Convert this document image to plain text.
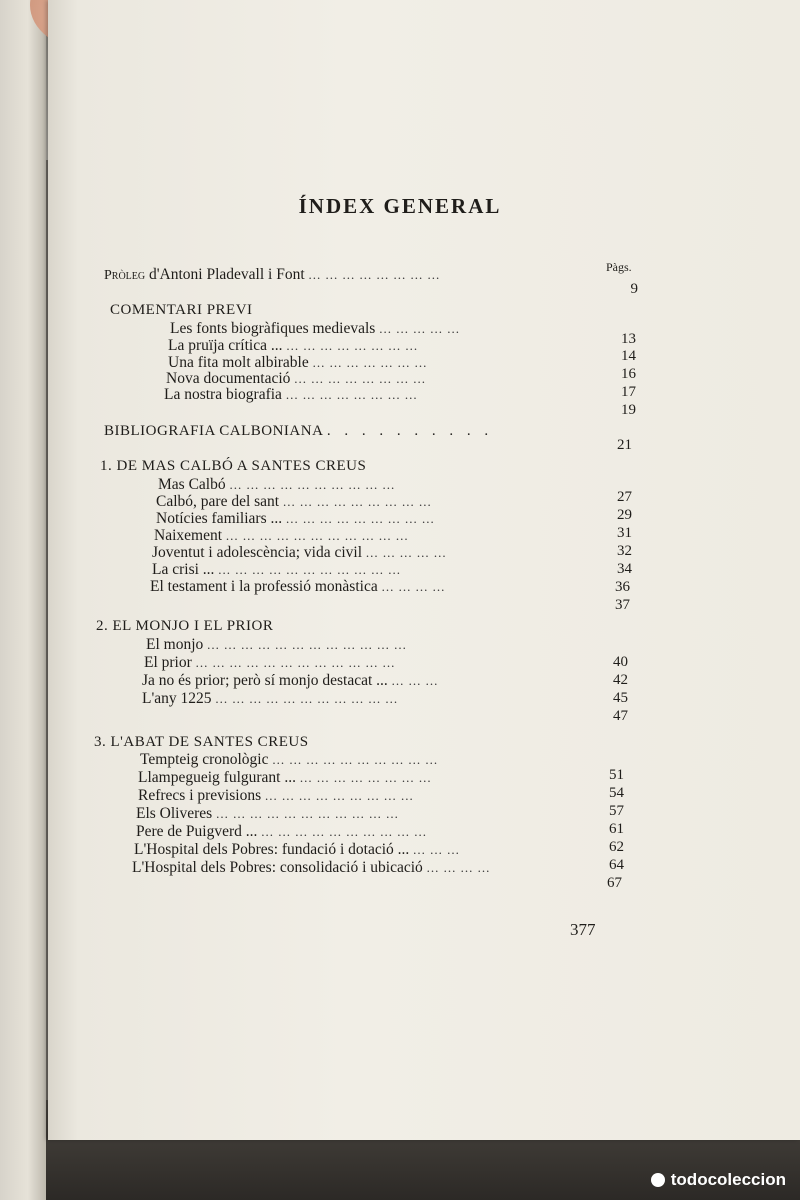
ÍNDEX GENERAL
Pàgs.
Pròleg d'Antoni Pladevall i Font ... ... ... ... ... ... ... ...
COMENTARI PREVI
BIBLIOGRAFIA CALBONIANA . . . . . . . . . .
1. DE MAS CALBÓ A SANTES CREUS
2. EL MONJO I EL PRIOR
3. L'ABAT DE SANTES CREUS
Les fonts biogràfiques medievals ... ... ... ... ...
La pruïja crítica ... ... ... ... ... ... ... ... ...
Una fita molt albirable ... ... ... ... ... ... ...
Nova documentació ... ... ... ... ... ... ... ...
La nostra biografia ... ... ... ... ... ... ... ...
Mas Calbó ... ... ... ... ... ... ... ... ... ...
Calbó, pare del sant ... ... ... ... ... ... ... ... ...
Notícies familiars ... ... ... ... ... ... ... ... ... ...
Naixement ... ... ... ... ... ... ... ... ... ... ...
Joventut i adolescència; vida civil ... ... ... ... ...
La crisi ... ... ... ... ... ... ... ... ... ... ... ...
El testament i la professió monàstica ... ... ... ...
El monjo ... ... ... ... ... ... ... ... ... ... ... ...
El prior ... ... ... ... ... ... ... ... ... ... ... ...
Ja no és prior; però sí monjo destacat ... ... ... ...
L'any 1225 ... ... ... ... ... ... ... ... ... ... ...
Tempteig cronològic ... ... ... ... ... ... ... ... ... ...
Llampegueig fulgurant ... ... ... ... ... ... ... ... ...
Refrecs i previsions ... ... ... ... ... ... ... ... ...
Els Oliveres ... ... ... ... ... ... ... ... ... ... ...
Pere de Puigverd ... ... ... ... ... ... ... ... ... ... ...
L'Hospital dels Pobres: fundació i dotació ... ... ... ...
L'Hospital dels Pobres: consolidació i ubicació ... ... ... ...
9
13
14
16
17
19
21
27
29
31
32
34
36
37
40
42
45
47
51
54
57
61
62
64
67
377
todocoleccion
